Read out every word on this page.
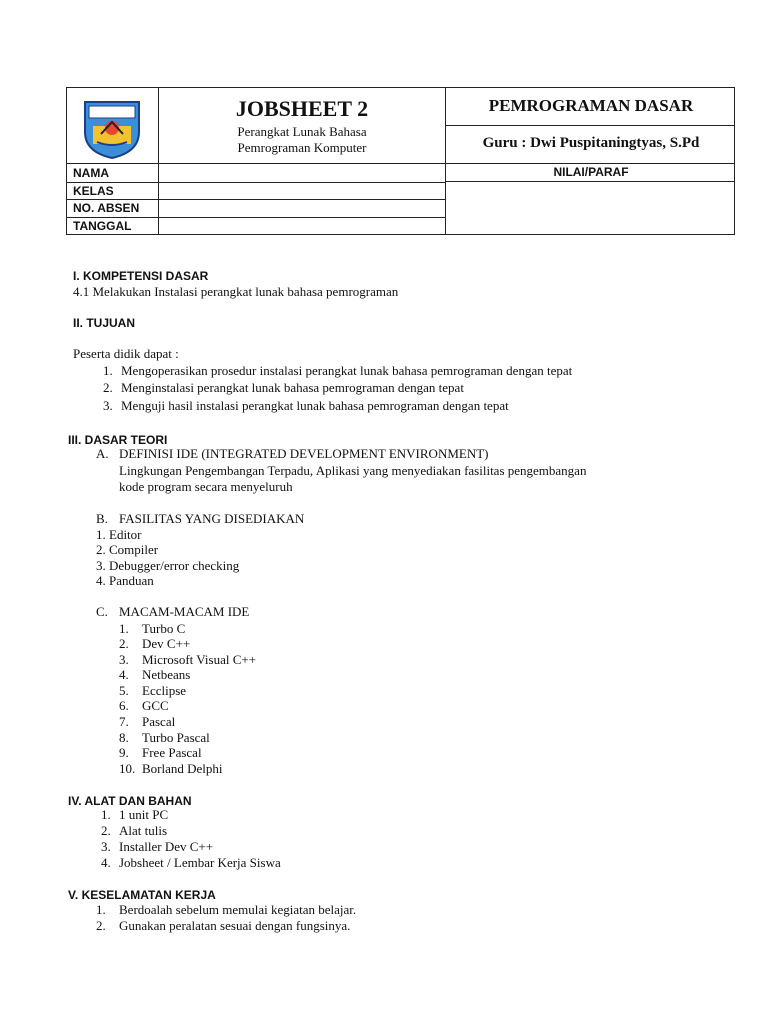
JOBSHEET 2
Perangkat Lunak Bahasa
Pemrograman Komputer
PEMROGRAMAN DASAR
Guru : Dwi Puspitaningtyas, S.Pd
NAMA
KELAS
NO. ABSEN
TANGGAL
NILAI/PARAF
I. KOMPETENSI DASAR
4.1 Melakukan Instalasi perangkat lunak bahasa pemrograman
II. TUJUAN
Peserta didik dapat :
1. Mengoperasikan prosedur instalasi perangkat lunak bahasa pemrograman dengan tepat
2. Menginstalasi perangkat lunak bahasa pemrograman dengan tepat
3. Menguji hasil instalasi perangkat lunak bahasa pemrograman dengan tepat
III. DASAR TEORI
A. DEFINISI IDE (INTEGRATED DEVELOPMENT ENVIRONMENT)
Lingkungan Pengembangan Terpadu, Aplikasi yang menyediakan fasilitas pengembangan
kode program secara menyeluruh
B. FASILITAS YANG DISEDIAKAN
1. Editor
2. Compiler
3. Debugger/error checking
4. Panduan
C. MACAM-MACAM IDE
1. Turbo C
2. Dev C++
3. Microsoft Visual C++
4. Netbeans
5. Ecclipse
6. GCC
7. Pascal
8. Turbo Pascal
9. Free Pascal
10. Borland Delphi
IV. ALAT DAN BAHAN
1. 1 unit PC
2. Alat tulis
3. Installer Dev C++
4. Jobsheet / Lembar Kerja Siswa
V. KESELAMATAN KERJA
1. Berdoalah sebelum memulai kegiatan belajar.
2. Gunakan peralatan sesuai dengan fungsinya.
